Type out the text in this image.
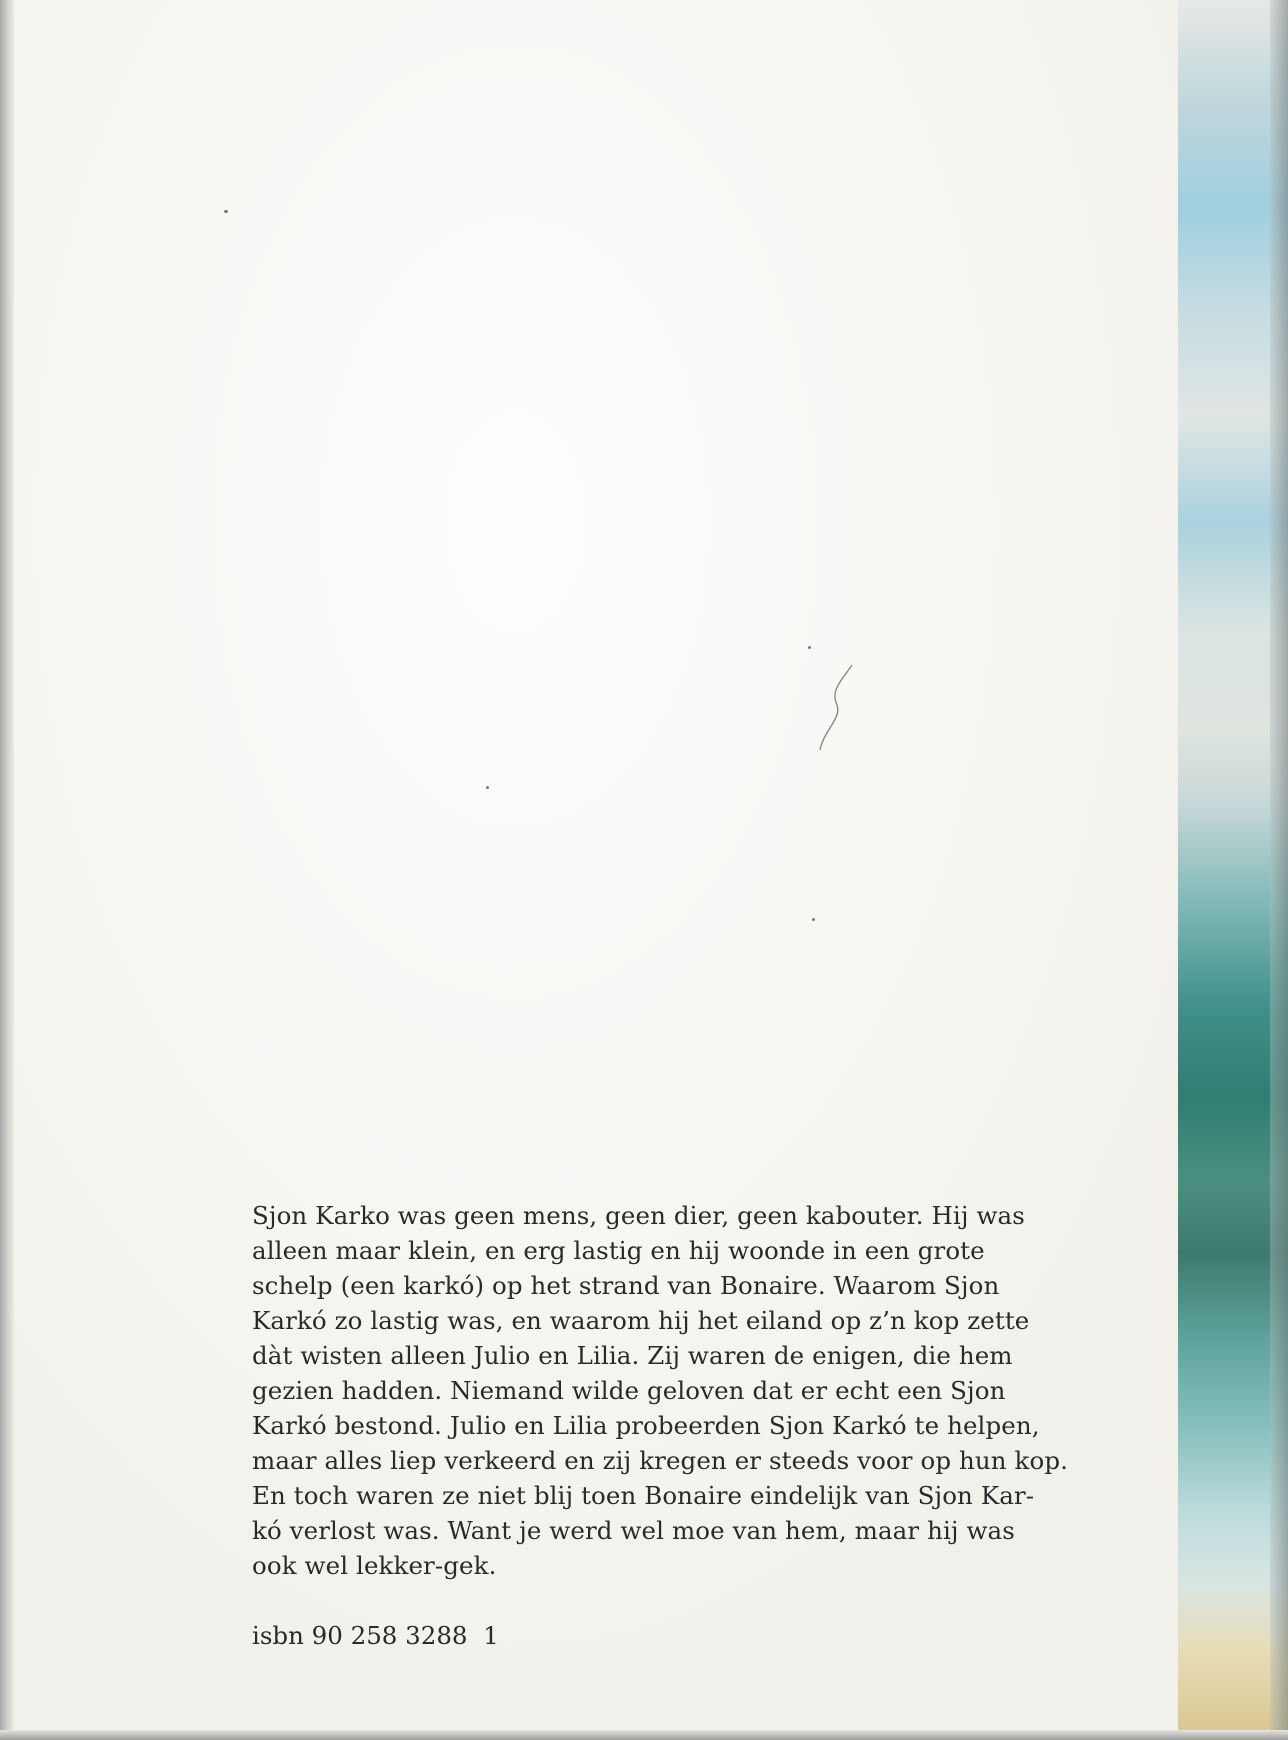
Sjon Karko was geen mens, geen dier, geen kabouter. Hij was
alleen maar klein, en erg lastig en hij woonde in een grote
schelp (een karkó) op het strand van Bonaire. Waarom Sjon
Karkó zo lastig was, en waarom hij het eiland op z’n kop zette
dàt wisten alleen Julio en Lilia. Zij waren de enigen, die hem
gezien hadden. Niemand wilde geloven dat er echt een Sjon
Karkó bestond. Julio en Lilia probeerden Sjon Karkó te helpen,
maar alles liep verkeerd en zij kregen er steeds voor op hun kop.
En toch waren ze niet blij toen Bonaire eindelijk van Sjon Kar-
kó verlost was. Want je werd wel moe van hem, maar hij was
ook wel lekker-gek.

isbn 90 258 3288  1
